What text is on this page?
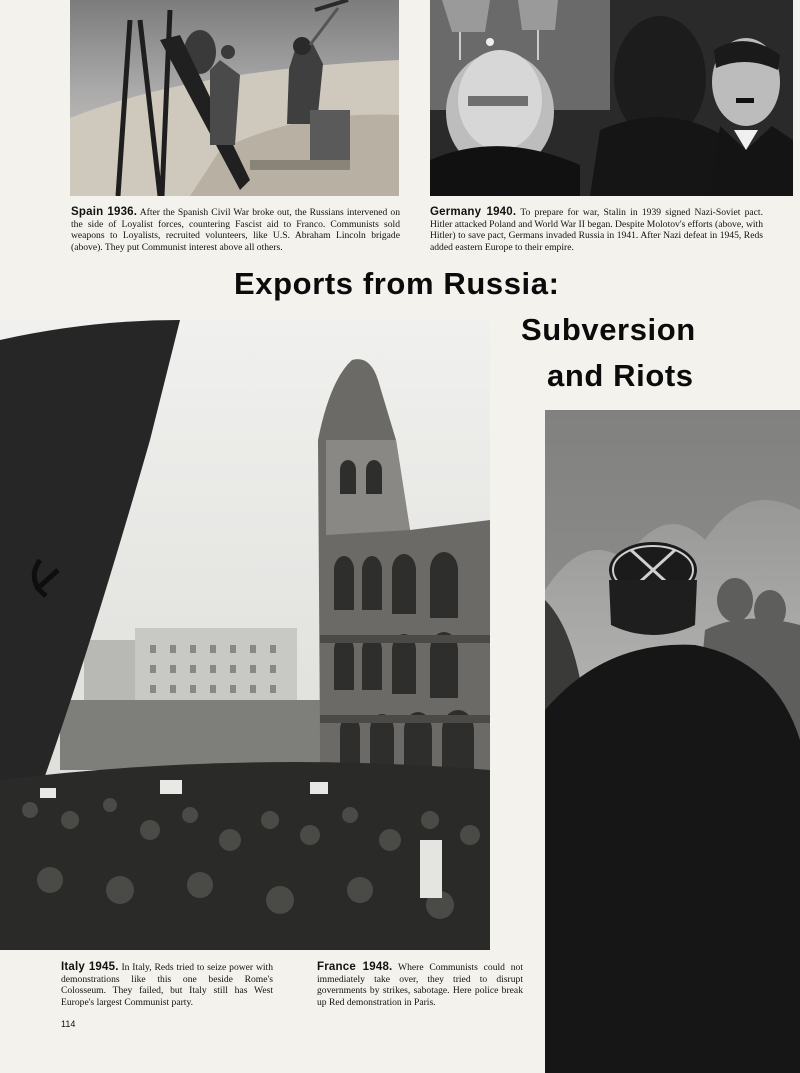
Spain 1936. After the Spanish Civil War broke out, the Russians intervened on the side of Loyalist forces, countering Fascist aid to Franco. Communists sold weapons to Loyalists, recruited volunteers, like U.S. Abraham Lincoln brigade (above). They put Communist interest above all others.
Germany 1940. To prepare for war, Stalin in 1939 signed Nazi-Soviet pact. Hitler attacked Poland and World War II began. Despite Molotov's efforts (above, with Hitler) to save pact, Germans invaded Russia in 1941. After Nazi defeat in 1945, Reds added eastern Europe to their empire.
Exports from Russia:
Subversion
and Riots
Italy 1945. In Italy, Reds tried to seize power with demonstrations like this one beside Rome's Colosseum. They failed, but Italy still has West Europe's largest Communist party.
France 1948. Where Communists could not immediately take over, they tried to disrupt governments by strikes, sabotage. Here police break up Red demonstration in Paris.
114
